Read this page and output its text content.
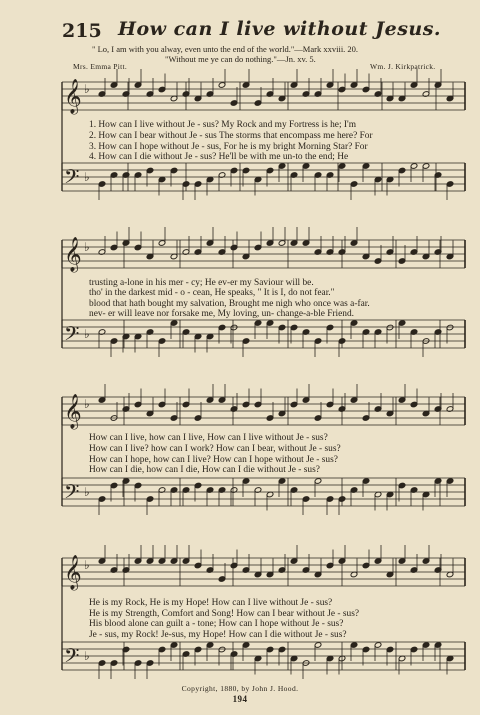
215 How can I live without Jesus.
" Lo, I am with you alway, even unto the end of the world."—Mark xxviii. 20.
"Without me ye can do nothing."—Jn. xv. 5.
Mrs. Emma Pitt.	Wm. J. Kirkpatrick.
𝄞 ♭
𝄢 ♭
𝄞 ♭
𝄢 ♭
𝄞 ♭
𝄢 ♭
𝄞 ♭
𝄢 ♭
1. How can I live without Je - sus? My Rock and my Fortress is he; I'm
2. How can I bear without Je - sus The storms that encompass me here? For
3. How can I hope without Je - sus, For he is my bright Morning Star? For
4. How can I die without Je - sus? He'll be with me un-to the end; He
trusting a-lone in his mer - cy; He ev-er my Saviour will be.
tho' in the darkest mid - o - cean, He speaks, " It is I, do not fear."
blood that hath bought my salvation, Brought me nigh who once was a-far.
nev- er will leave nor forsake me, My loving, un- change-a-ble Friend.
How can I live, how can I live, How can I live without Je - sus?
How can I live? how can I work? How can I bear, without Je - sus?
How can I hope, how can I live? How can I hope without Je - sus?
How can I die, how can I die, How can I die without Je - sus?
He is my Rock, He is my Hope! How can I live without Je - sus?
He is my Strength, Comfort and Song! How can I bear without Je - sus?
His blood alone can guilt a - tone; How can I hope without Je - sus?
Je - sus, my Rock! Je-sus, my Hope! How can I die without Je - sus?
Copyright, 1880, by John J. Hood.
194
